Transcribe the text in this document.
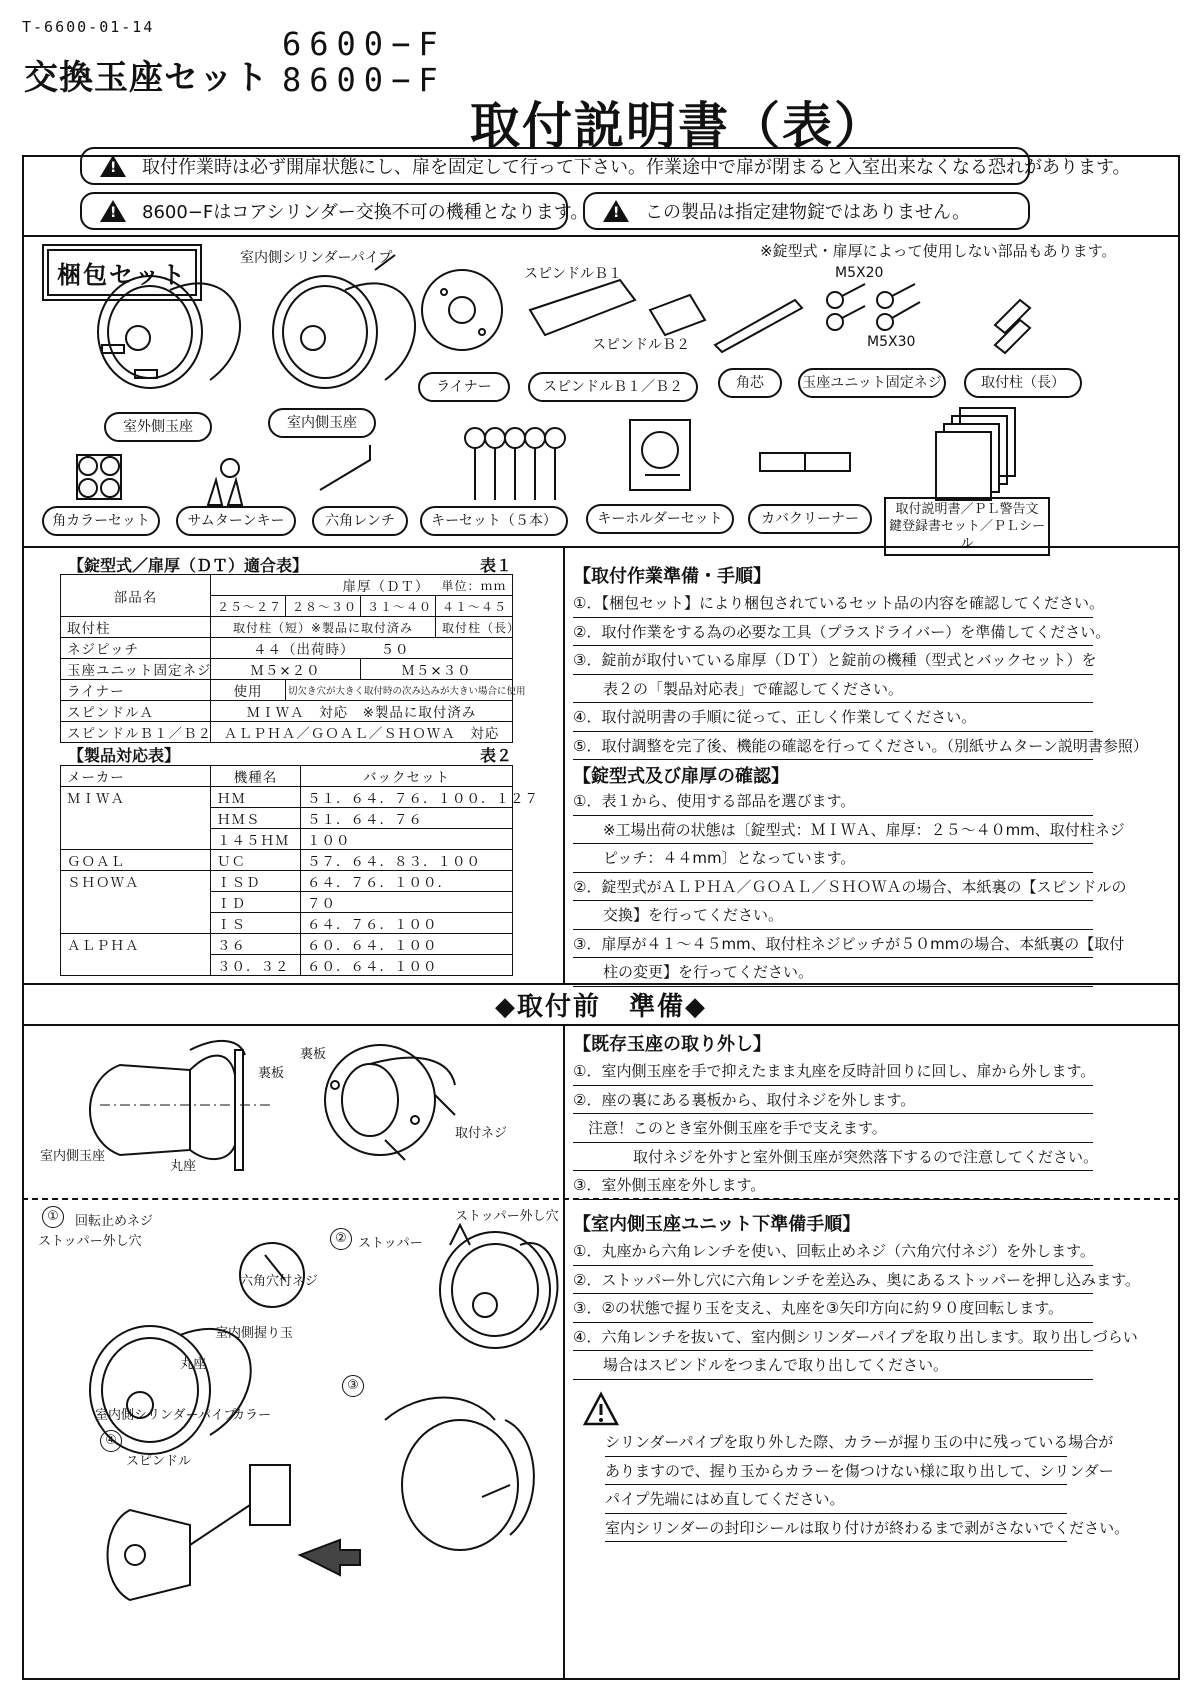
T-6600-01-14
交換玉座セット
6600−F
8600−F
取付説明書（表）
!
取付作業時は必ず開扉状態にし、扉を固定して行って下さい。作業途中で扉が閉まると入室出来なくなる恐れがあります。
!
8600−Fはコアシリンダー交換不可の機種となります。 !	この製品は指定建物錠ではありません。
梱包セット
※錠型式・扉厚によって使用しない部品もあります。
室内側シリンダーパイプ
スピンドルＢ１
スピンドルＢ２
M5X20
M5X30
ライナー	スピンドルＢ１／Ｂ２	角芯	玉座ユニット固定ネジ	取付柱（長）
室外側玉座	室内側玉座
角カラーセット	サムターンキー	六角レンチ	キーセット（５本）	キーホルダーセット	カバクリーナー
取付説明書／ＰＬ警告文
鍵登録書セット／ＰＬシール
【錠型式／扉厚（ＤＴ）適合表】	表１
部品名	扉厚（ＤＴ）			単位：ｍｍ
	２５～２７	２８～３０	３１～４０	４１～４５
取付柱	取付柱（短）※製品に取付済み			取付柱（長）
ネジピッチ	４４（出荷時）		５０	
玉座ユニット固定ネジ	Ｍ５×２０		Ｍ５×３０	
ライナー	使用	切欠き穴が大きく取付時の次み込みが大きい場合に使用		
スピンドルＡ	ＭＩＷＡ　対応　※製品に取付済み			
スピンドルＢ１／Ｂ２	ＡＬＰＨＡ／ＧＯＡＬ／ＳＨＯＷＡ　対応			
【製品対応表】	表２
メーカー	機種名	バックセット
ＭＩＷＡ	ＨＭ	５１．６４．７６．１００．１２７
	ＨＭＳ	５１．６４．７６
	１４５ＨＭ	１００
ＧＯＡＬ	ＵＣ	５７．６４．８３．１００
ＳＨＯＷＡ	ＩＳＤ	６４．７６．１００．
	ＩＤ	７０
	ＩＳ	６４．７６．１００
ＡＬＰＨＡ	３６	６０．６４．１００
	３０．３２	６０．６４．１００
【取付作業準備・手順】
①．【梱包セット】により梱包されているセット品の内容を確認してください。
②．取付作業をする為の必要な工具（プラスドライバー）を準備してください。
③．錠前が取付いている扉厚（ＤＴ）と錠前の機種（型式とバックセット）を
　　表２の「製品対応表」で確認してください。
④．取付説明書の手順に従って、正しく作業してください。
⑤．取付調整を完了後、機能の確認を行ってください。（別紙サムターン説明書参照）
【錠型式及び扉厚の確認】
①．表１から、使用する部品を選びます。
　　※工場出荷の状態は〔錠型式：ＭＩＷＡ、扉厚：２５～４０mm、取付柱ネジ
　　ピッチ：４４mm〕となっています。
②．錠型式がＡＬＰＨＡ／ＧＯＡＬ／ＳＨＯＷＡの場合、本紙裏の【スピンドルの
　　交換】を行ってください。
③．扉厚が４１～４５mm、取付柱ネジピッチが５０mmの場合、本紙裏の【取付
　　柱の変更】を行ってください。
◆取付前　準備◆
裏板
裏板
室内側玉座
丸座
取付ネジ
【既存玉座の取り外し】
①．室内側玉座を手で抑えたまま丸座を反時計回りに回し、扉から外します。
②．座の裏にある裏板から、取付ネジを外します。
　注意！このとき室外側玉座を手で支えます。
　　　　取付ネジを外すと室外側玉座が突然落下するので注意してください。
③．室外側玉座を外します。
①
②
③
④
回転止めネジ
ストッパー外し穴
ストッパー外し穴
ストッパー
六角穴付ネジ
室内側握り玉
丸座
室内側シリンダーパイプ
カラー
スピンドル
【室内側玉座ユニット下準備手順】
①．丸座から六角レンチを使い、回転止めネジ（六角穴付ネジ）を外します。
②．ストッパー外し穴に六角レンチを差込み、奥にあるストッパーを押し込みます。
③．②の状態で握り玉を支え、丸座を③矢印方向に約９０度回転します。
④．六角レンチを抜いて、室内側シリンダーパイプを取り出します。取り出しづらい
　　場合はスピンドルをつまんで取り出してください。
シリンダーパイプを取り外した際、カラーが握り玉の中に残っている場合が
ありますので、握り玉からカラーを傷つけない様に取り出して、シリンダー
パイプ先端にはめ直してください。
室内シリンダーの封印シールは取り付けが終わるまで剥がさないでください。
